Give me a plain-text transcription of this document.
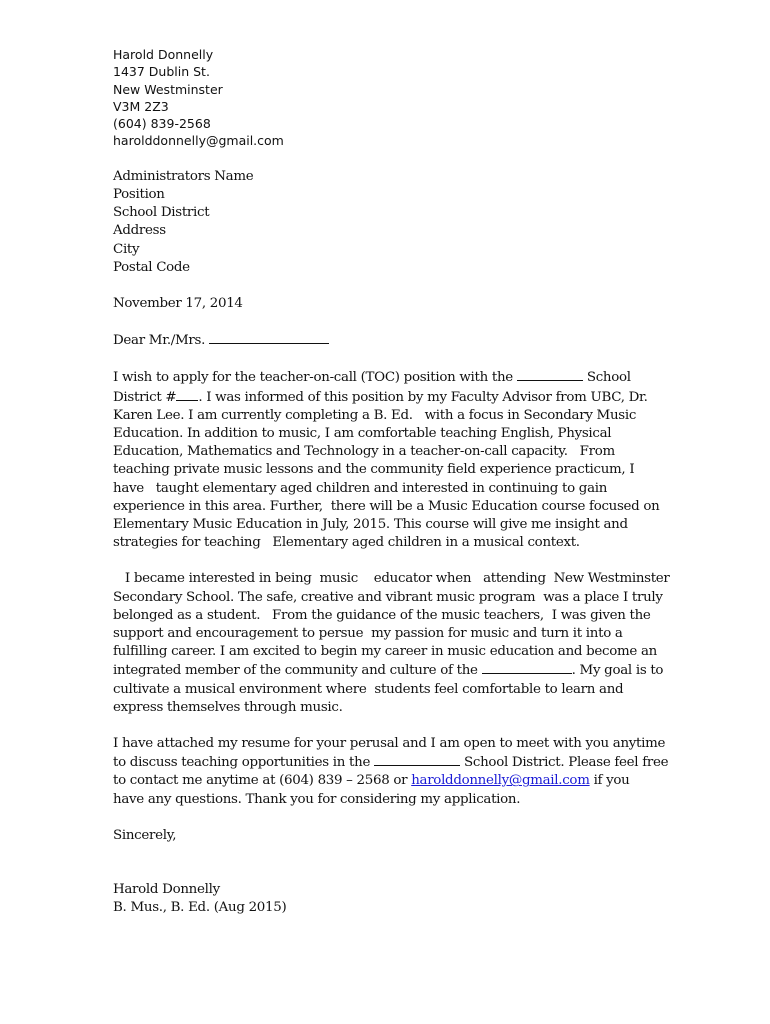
Harold Donnelly
1437 Dublin St.
New Westminster
V3M 2Z3
(604) 839-2568
harolddonnelly@gmail.com
Administrators Name
Position
School District
Address
City
Postal Code
November 17, 2014
Dear Mr./Mrs.
I wish to apply for the teacher-on-call (TOC) position with the	School
District # . I was informed of this position by my Faculty Advisor from UBC, Dr.
Karen Lee. I am currently completing a B. Ed.   with a focus in Secondary Music
Education. In addition to music, I am comfortable teaching English, Physical
Education, Mathematics and Technology in a teacher-on-call capacity.   From
teaching private music lessons and the community field experience practicum, I
have   taught elementary aged children and interested in continuing to gain
experience in this area. Further,  there will be a Music Education course focused on
Elementary Music Education in July, 2015. This course will give me insight and
strategies for teaching   Elementary aged children in a musical context.
I became interested in being  music    educator when   attending  New Westminster
Secondary School. The safe, creative and vibrant music program  was a place I truly
belonged as a student.   From the guidance of the music teachers,  I was given the
support and encouragement to persue  my passion for music and turn it into a
fulfilling career. I am excited to begin my career in music education and become an
integrated member of the community and culture of the	. My goal is to
cultivate a musical environment where  students feel comfortable to learn and
express themselves through music.
I have attached my resume for your perusal and I am open to meet with you anytime
to discuss teaching opportunities in the	School District. Please feel free
to contact me anytime at (604) 839 – 2568 or harolddonnelly@gmail.com if you
have any questions. Thank you for considering my application.
Sincerely,
Harold Donnelly
B. Mus., B. Ed. (Aug 2015)
